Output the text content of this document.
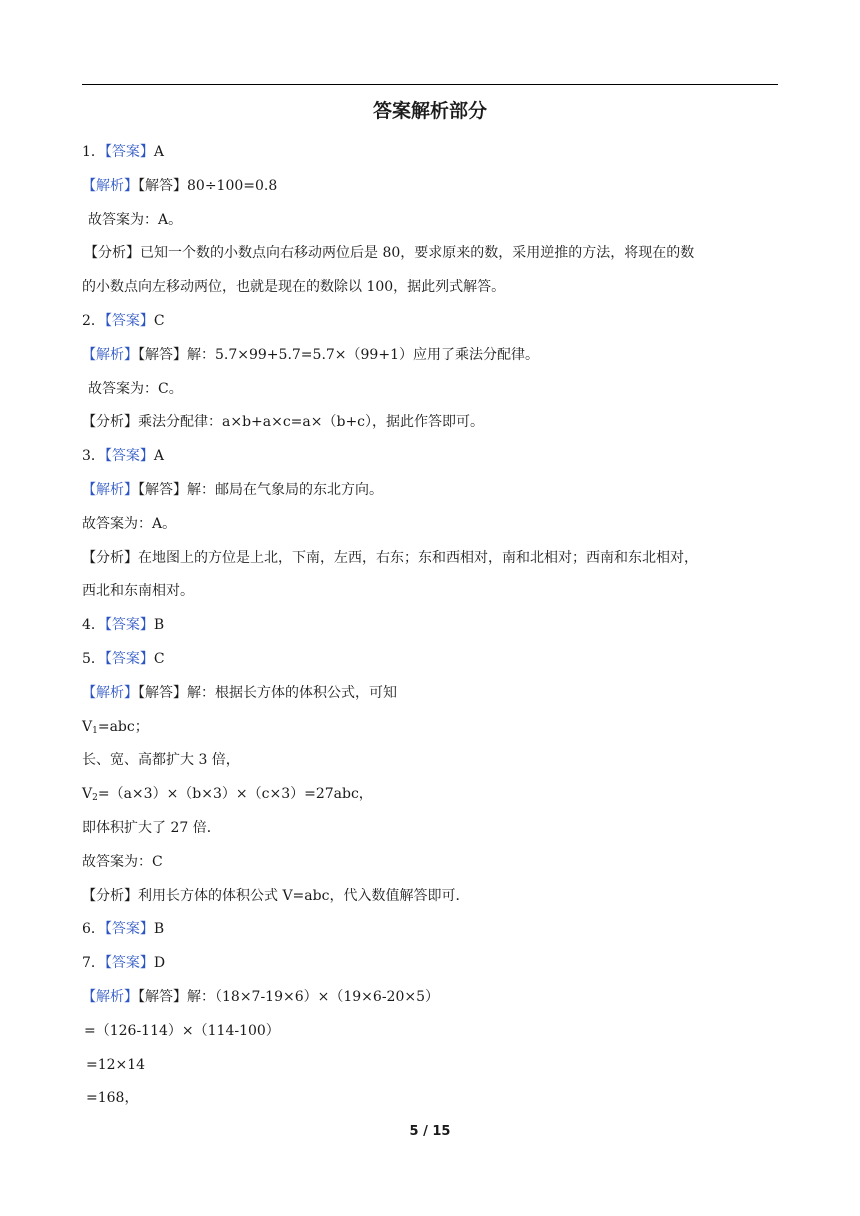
答案解析部分
1．【答案】A
【解析】【解答】80÷100=0.8
故答案为：A。
【分析】已知一个数的小数点向右移动两位后是 80，要求原来的数，采用逆推的方法，将现在的数
的小数点向左移动两位，也就是现在的数除以 100，据此列式解答。
2．【答案】C
【解析】【解答】解：5.7×99+5.7=5.7×（99+1）应用了乘法分配律。
故答案为：C。
【分析】乘法分配律：a×b+a×c=a×（b+c），据此作答即可。
3．【答案】A
【解析】【解答】解：邮局在气象局的东北方向。
故答案为：A。
【分析】在地图上的方位是上北，下南，左西，右东；东和西相对，南和北相对；西南和东北相对，
西北和东南相对。
4．【答案】B
5．【答案】C
【解析】【解答】解：根据长方体的体积公式，可知
$V_1=abc$；
长、宽、高都扩大 3 倍，
$V_2=(a\times 3)\times(b\times 3)\times(c\times 3)=27abc$，
即体积扩大了 27 倍．
故答案为：C
【分析】利用长方体的体积公式 V=abc，代入数值解答即可．
6．【答案】B
7．【答案】D
【解析】【解答】解：（18×7-19×6）×（19×6-20×5）
=（126-114）×（114-100）
=12×14
=168，
5 / 15
